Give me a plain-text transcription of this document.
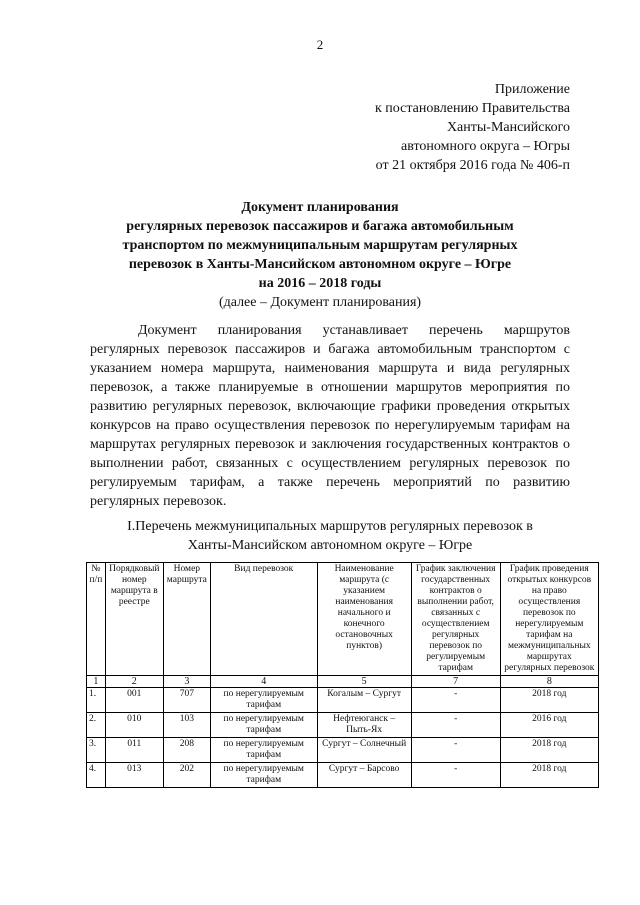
2
Приложение
к постановлению Правительства
Ханты-Мансийского
автономного округа – Югры
от 21 октября 2016 года № 406-п
Документ планирования
регулярных перевозок пассажиров и багажа автомобильным
транспортом по межмуниципальным маршрутам регулярных
перевозок в Ханты-Мансийском автономном округе – Югре
на 2016 – 2018 годы
(далее – Документ планирования)
Документ планирования устанавливает перечень маршрутов регулярных перевозок пассажиров и багажа автомобильным транспортом с указанием номера маршрута, наименования маршрута и вида регулярных перевозок, а также планируемые в отношении маршрутов мероприятия по развитию регулярных перевозок, включающие графики проведения открытых конкурсов на право осуществления перевозок по нерегулируемым тарифам на маршрутах регулярных перевозок и заключения государственных контрактов о выполнении работ, связанных с осуществлением регулярных перевозок по регулируемым тарифам, а также перечень мероприятий по развитию регулярных перевозок.
I.Перечень межмуниципальных маршрутов регулярных перевозок в
Ханты-Мансийском автономном округе – Югре
№ п/п	Порядковый номер маршрута в реестре	Номер маршрута	Вид перевозок	Наименование маршрута (с указанием наименования начального и конечного остановочных пунктов)	График заключения государственных контрактов о выполнении работ, связанных с осуществлением регулярных перевозок по регулируемым тарифам	График проведения открытых конкурсов на право осуществления перевозок по нерегулируемым тарифам на межмуниципальных маршрутах регулярных перевозок
1	2	3	4	5	7	8
1.	001	707	по нерегулируемым тарифам	Когалым – Сургут	-	2018 год
2.	010	103	по нерегулируемым тарифам	Нефтеюганск – Пыть-Ях	-	2016 год
3.	011	208	по нерегулируемым тарифам	Сургут – Солнечный	-	2018 год
4.	013	202	по нерегулируемым тарифам	Сургут – Барсово	-	2018 год
